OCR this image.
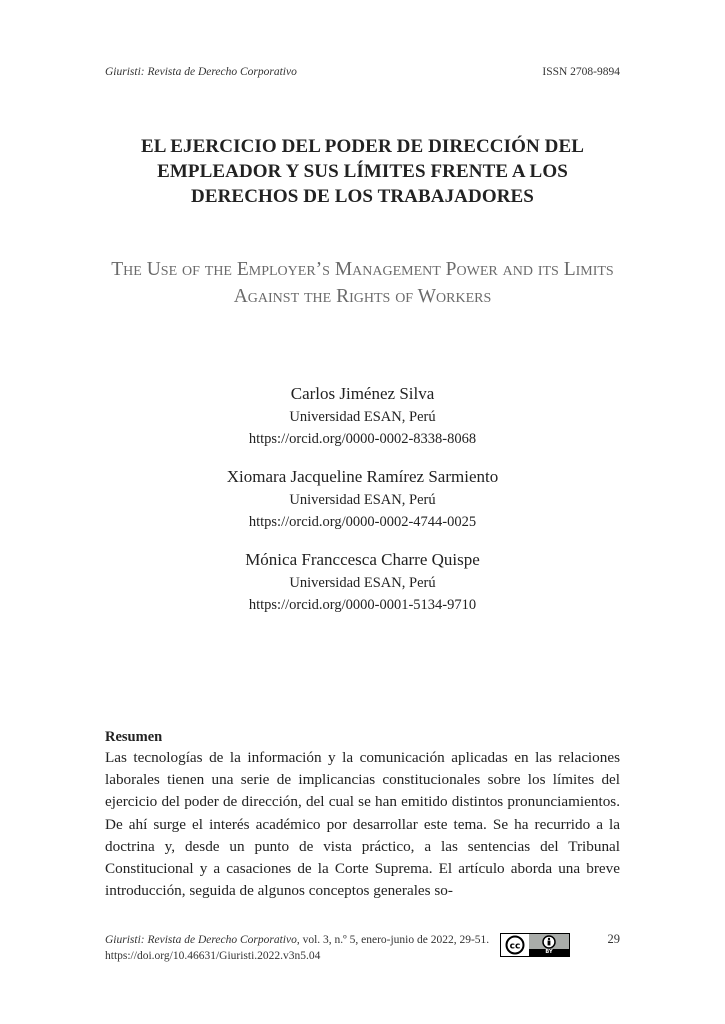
Giuristi: Revista de Derecho Corporativo	ISSN 2708-9894
EL EJERCICIO DEL PODER DE DIRECCIÓN DEL EMPLEADOR Y SUS LÍMITES FRENTE A LOS DERECHOS DE LOS TRABAJADORES
The Use of the Employer’s Management Power and its Limits Against the Rights of Workers
Carlos Jiménez Silva
Universidad ESAN, Perú
https://orcid.org/0000-0002-8338-8068
Xiomara Jacqueline Ramírez Sarmiento
Universidad ESAN, Perú
https://orcid.org/0000-0002-4744-0025
Mónica Franccesca Charre Quispe
Universidad ESAN, Perú
https://orcid.org/0000-0001-5134-9710
Resumen
Las tecnologías de la información y la comunicación aplicadas en las relaciones laborales tienen una serie de implicancias constitucionales sobre los límites del ejercicio del poder de dirección, del cual se han emitido distintos pronunciamientos. De ahí surge el interés académico por desarrollar este tema. Se ha recurrido a la doctrina y, desde un punto de vista práctico, a las sentencias del Tribunal Constitucional y a casaciones de la Corte Suprema. El artículo aborda una breve introducción, seguida de algunos conceptos generales so-
Giuristi: Revista de Derecho Corporativo, vol. 3, n.º 5, enero-junio de 2022, 29-51.
https://doi.org/10.46631/Giuristi.2022.v3n5.04
cc
BY
29
